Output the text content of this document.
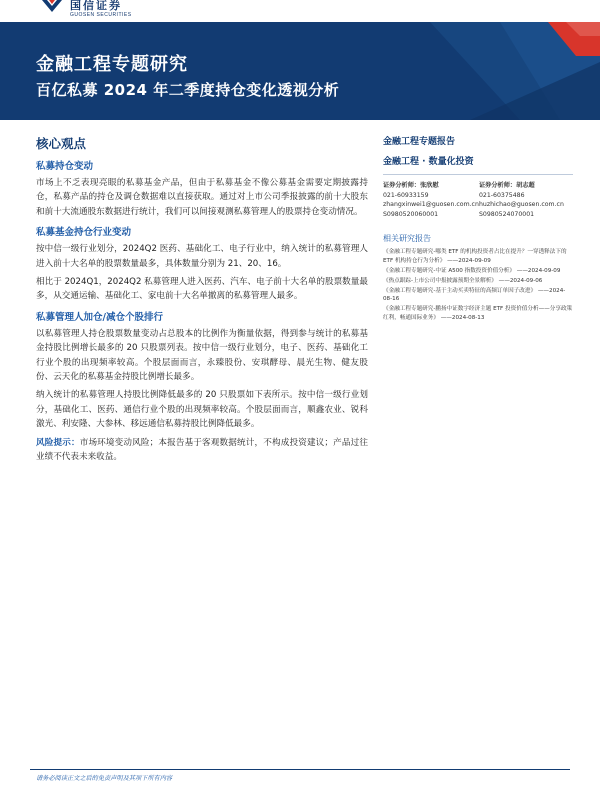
国信证券
GUOSEN SECURITIES
金融工程专题研究
百亿私募 2024 年二季度持仓变化透视分析
核心观点
私募持仓变动

市场上不乏表现亮眼的私募基金产品，但由于私募基金不像公募基金需要定期披露持仓，私募产品的持仓及调仓数据难以直接获取。通过对上市公司季报披露的前十大股东和前十大流通股东数据进行统计，我们可以间接观测私募管理人的股票持仓变动情况。

私募基金持仓行业变动

按中信一级行业划分，2024Q2 医药、基础化工、电子行业中，纳入统计的私募管理人进入前十大名单的股票数量最多，具体数量分别为 21、20、16。

相比于 2024Q1，2024Q2 私募管理人进入医药、汽车、电子前十大名单的股票数量最多，从交通运输、基础化工、家电前十大名单撤离的私募管理人最多。

私募管理人加仓/减仓个股排行

以私募管理人持仓股票数量变动占总股本的比例作为衡量依据，得到参与统计的私募基金持股比例增长最多的 20 只股票列表。按中信一级行业划分，电子、医药、基础化工行业个股的出现频率较高。个股层面而言，永臻股份、安琪酵母、晨光生物、健友股份、云天化的私募基金持股比例增长最多。

纳入统计的私募管理人持股比例降低最多的 20 只股票如下表所示。按中信一级行业划分，基础化工、医药、通信行业个股的出现频率较高。个股层面而言，顺鑫农业、锐科激光、利安隆、大参林、移远通信私募持股比例降低最多。

风险提示：市场环境变动风险；本报告基于客观数据统计，不构成投资建议；产品过往业绩不代表未来收益。

金融工程专题报告
金融工程 · 数量化投资
证券分析师：张欣慰
021-60933159
zhangxinwei1@guosen.com.cn
S0980520060001
证券分析师：胡志超
021-60375486
huzhichao@guosen.com.cn
S0980524070001
相关研究报告
《金融工程专题研究-哪类 ETF 的机构投资者占比在提升？一穿透释法下的 ETF 机构持仓行为分析》 ——2024-09-09
《金融工程专题研究-中证 A500 指数投资价值分析》 ——2024-09-09
《热点跟踪-上市公司中报披露预期全景解析》 ——2024-09-06
《金融工程专题研究-基于主动买卖特征的高频订单因子改进》 ——2024-08-16
《金融工程专题研究-鹏扬中证数字经济主题 ETF 投资价值分析——分享政策红利，畅通国际业务》 ——2024-08-13
请务必阅读正文之后的免责声明及其项下所有内容
